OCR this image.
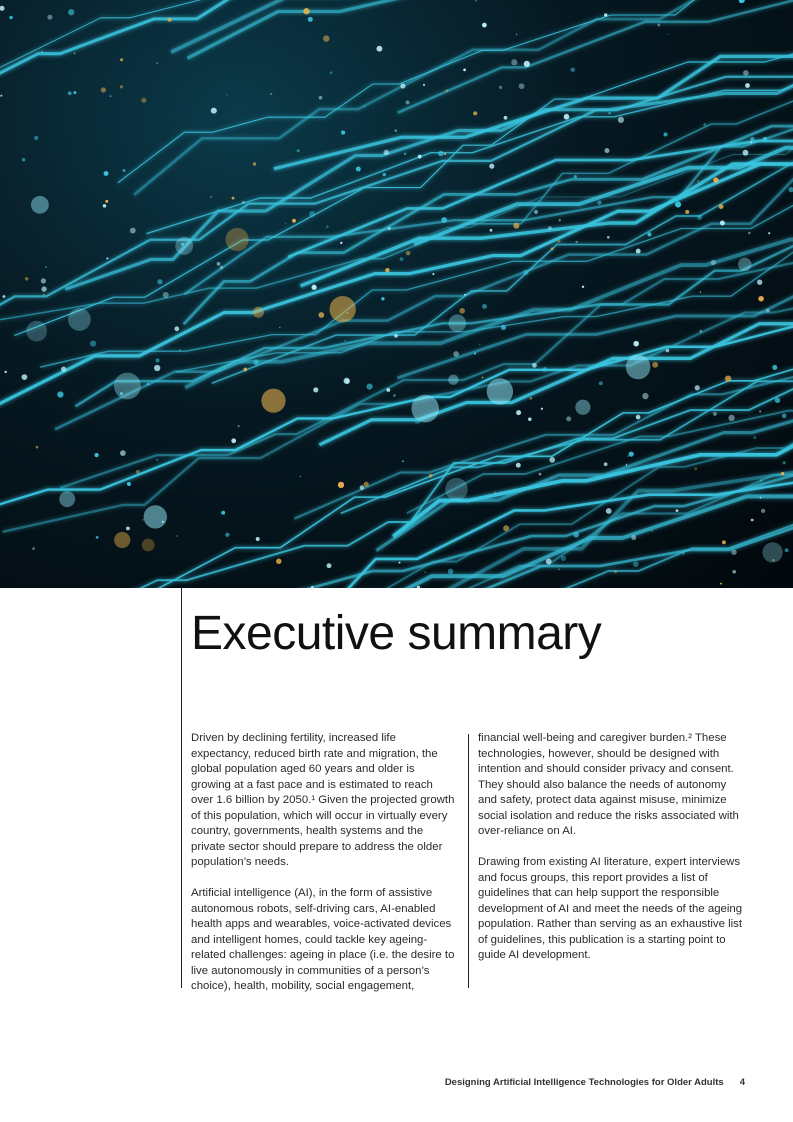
Executive summary

Driven by declining fertility, increased life expectancy, reduced birth rate and migration, the global population aged 60 years and older is growing at a fast pace and is estimated to reach over 1.6 billion by 2050.¹ Given the projected growth of this population, which will occur in virtually every country, governments, health systems and the private sector should prepare to address the older population’s needs.

Artificial intelligence (AI), in the form of assistive autonomous robots, self-driving cars, AI-enabled health apps and wearables, voice-activated devices and intelligent homes, could tackle key ageing-related challenges: ageing in place (i.e. the desire to live autonomously in communities of a person’s choice), health, mobility, social engagement,

financial well-being and caregiver burden.² These technologies, however, should be designed with intention and should consider privacy and consent. They should also balance the needs of autonomy and safety, protect data against misuse, minimize social isolation and reduce the risks associated with over-reliance on AI.

Drawing from existing AI literature, expert interviews and focus groups, this report provides a list of guidelines that can help support the responsible development of AI and meet the needs of the ageing population. Rather than serving as an exhaustive list of guidelines, this publication is a starting point to guide AI development.

Designing Artificial Intelligence Technologies for Older Adults 4
